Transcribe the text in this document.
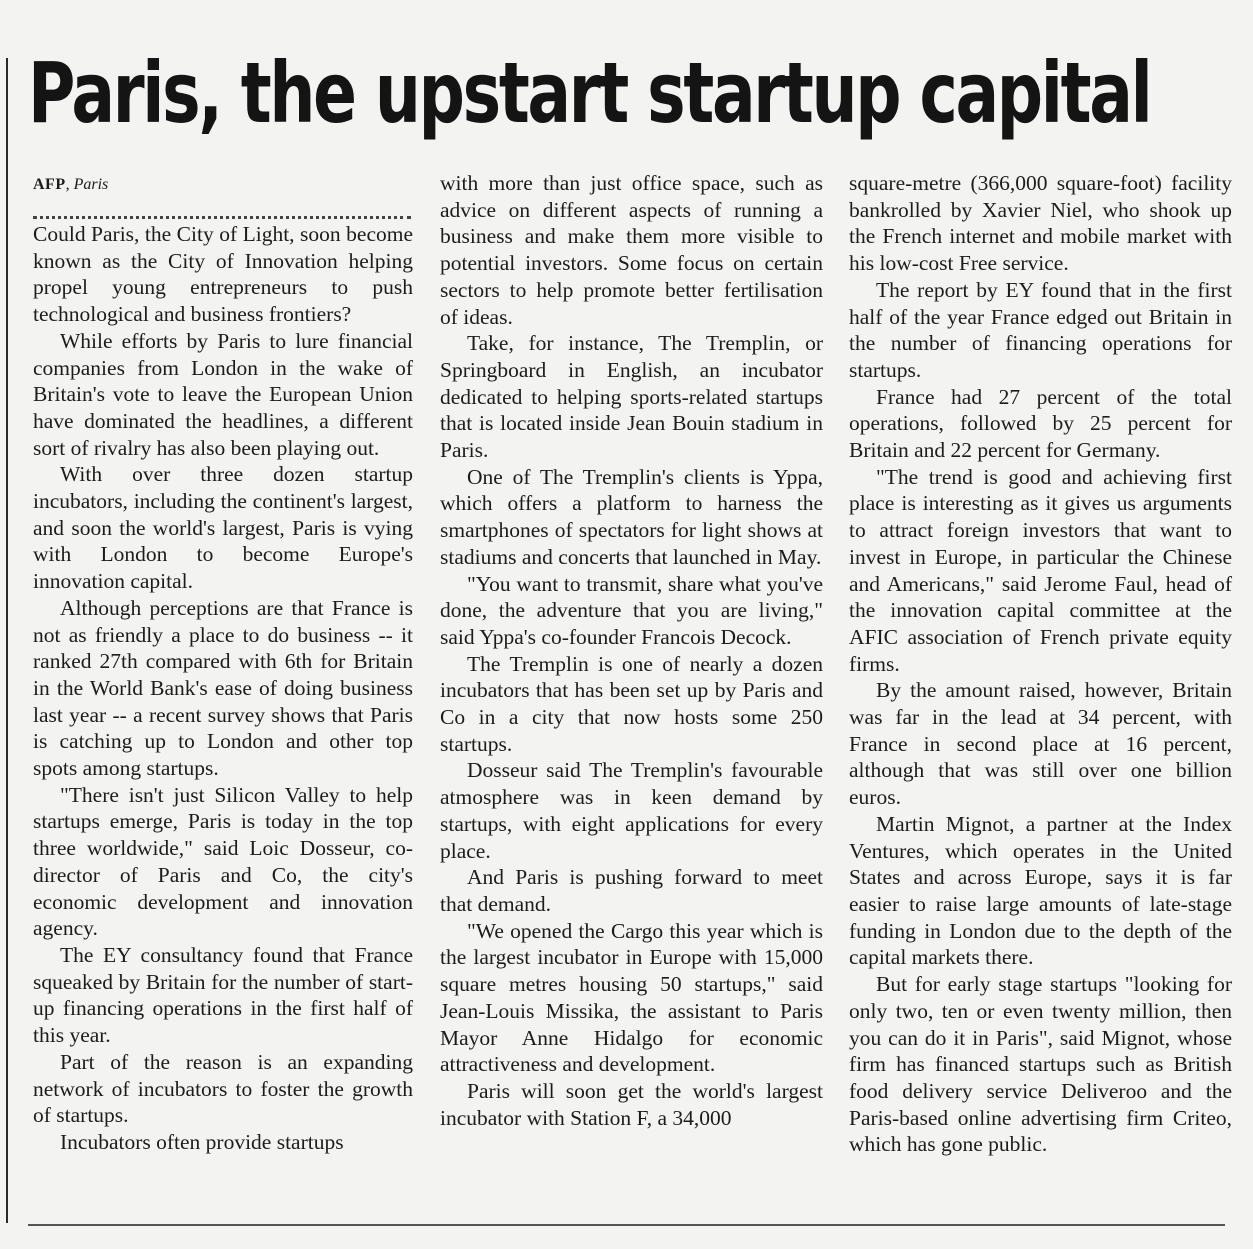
Paris, the upstart startup capital

AFP, Paris

Could Paris, the City of Light, soon become known as the City of Innovation helping propel young entrepreneurs to push technological and business frontiers?

While efforts by Paris to lure financial companies from London in the wake of Britain's vote to leave the European Union have dominated the headlines, a different sort of rivalry has also been playing out.

With over three dozen startup incubators, including the continent's largest, and soon the world's largest, Paris is vying with London to become Europe's innovation capital.

Although perceptions are that France is not as friendly a place to do business -- it ranked 27th compared with 6th for Britain in the World Bank's ease of doing business last year -- a recent survey shows that Paris is catching up to London and other top spots among startups.

"There isn't just Silicon Valley to help startups emerge, Paris is today in the top three worldwide," said Loic Dosseur, co-director of Paris and Co, the city's economic development and innovation agency.

The EY consultancy found that France squeaked by Britain for the number of start-up financing operations in the first half of this year.

Part of the reason is an expanding network of incubators to foster the growth of startups.

Incubators often provide startups

with more than just office space, such as advice on different aspects of running a business and make them more visible to potential investors. Some focus on certain sectors to help promote better fertilisation of ideas.

Take, for instance, The Tremplin, or Springboard in English, an incubator dedicated to helping sports-related startups that is located inside Jean Bouin stadium in Paris.

One of The Tremplin's clients is Yppa, which offers a platform to harness the smartphones of spectators for light shows at stadiums and concerts that launched in May.

"You want to transmit, share what you've done, the adventure that you are living," said Yppa's co-founder Francois Decock.

The Tremplin is one of nearly a dozen incubators that has been set up by Paris and Co in a city that now hosts some 250 startups.

Dosseur said The Tremplin's favourable atmosphere was in keen demand by startups, with eight applications for every place.

And Paris is pushing forward to meet that demand.

"We opened the Cargo this year which is the largest incubator in Europe with 15,000 square metres housing 50 startups," said Jean-Louis Missika, the assistant to Paris Mayor Anne Hidalgo for economic attractiveness and development.

Paris will soon get the world's largest incubator with Station F, a 34,000

square-metre (366,000 square-foot) facility bankrolled by Xavier Niel, who shook up the French internet and mobile market with his low-cost Free service.

The report by EY found that in the first half of the year France edged out Britain in the number of financing operations for startups.

France had 27 percent of the total operations, followed by 25 percent for Britain and 22 percent for Germany.

"The trend is good and achieving first place is interesting as it gives us arguments to attract foreign investors that want to invest in Europe, in particular the Chinese and Americans," said Jerome Faul, head of the innovation capital committee at the AFIC association of French private equity firms.

By the amount raised, however, Britain was far in the lead at 34 percent, with France in second place at 16 percent, although that was still over one billion euros.

Martin Mignot, a partner at the Index Ventures, which operates in the United States and across Europe, says it is far easier to raise large amounts of late-stage funding in London due to the depth of the capital markets there.

But for early stage startups "looking for only two, ten or even twenty million, then you can do it in Paris", said Mignot, whose firm has financed startups such as British food delivery service Deliveroo and the Paris-based online advertising firm Criteo, which has gone public.
